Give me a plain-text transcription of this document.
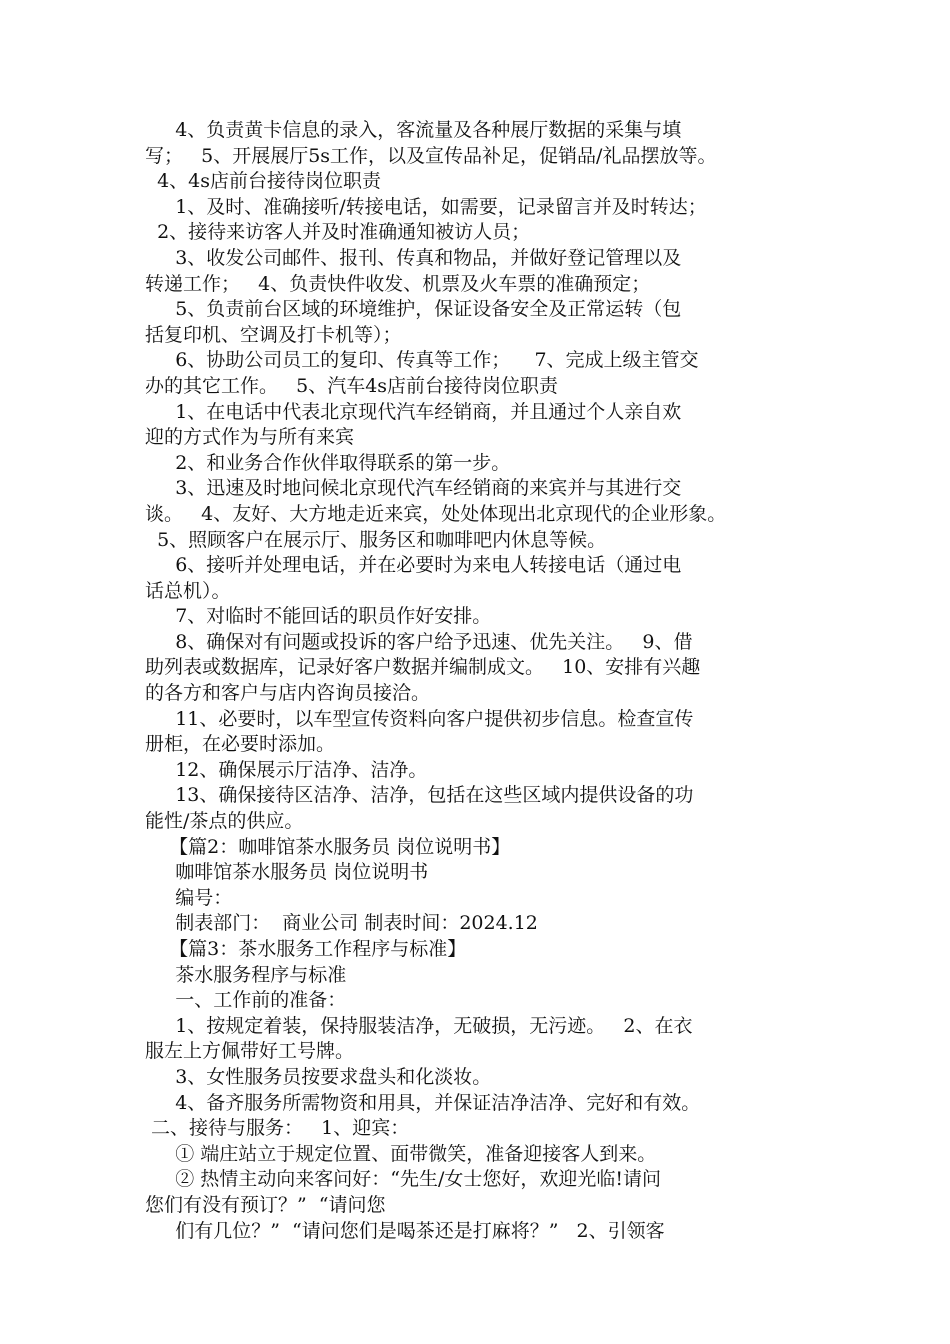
4、负责黄卡信息的录入，客流量及各种展厅数据的采集与填

写；   5、开展展厅5s工作，以及宣传品补足，促销品/礼品摆放等。

4、4s店前台接待岗位职责

1、及时、准确接听/转接电话，如需要，记录留言并及时转达；

2、接待来访客人并及时准确通知被访人员；

3、收发公司邮件、报刊、传真和物品，并做好登记管理以及

转递工作；   4、负责快件收发、机票及火车票的准确预定；

5、负责前台区域的环境维护，保证设备安全及正常运转（包

括复印机、空调及打卡机等）；

6、协助公司员工的复印、传真等工作；    7、完成上级主管交

办的其它工作。   5、汽车4s店前台接待岗位职责

1、在电话中代表北京现代汽车经销商，并且通过个人亲自欢

迎的方式作为与所有来宾

2、和业务合作伙伴取得联系的第一步。

3、迅速及时地问候北京现代汽车经销商的来宾并与其进行交

谈。   4、友好、大方地走近来宾，处处体现出北京现代的企业形象。

5、照顾客户在展示厅、服务区和咖啡吧内休息等候。

6、接听并处理电话，并在必要时为来电人转接电话（通过电

话总机）。

7、对临时不能回话的职员作好安排。

8、确保对有问题或投诉的客户给予迅速、优先关注。   9、借

助列表或数据库，记录好客户数据并编制成文。   10、安排有兴趣

的各方和客户与店内咨询员接洽。

11、必要时，以车型宣传资料向客户提供初步信息。检查宣传

册柜，在必要时添加。

12、确保展示厅洁净、洁净。

13、确保接待区洁净、洁净，包括在这些区域内提供设备的功

能性/茶点的供应。

【篇2：咖啡馆茶水服务员 岗位说明书】

咖啡馆茶水服务员 岗位说明书

编号：

制表部门：  商业公司 制表时间：2024.12

【篇3：茶水服务工作程序与标准】

茶水服务程序与标准

一、工作前的准备：

1、按规定着装，保持服装洁净，无破损，无污迹。   2、在衣

服左上方佩带好工号牌。

3、女性服务员按要求盘头和化淡妆。

4、备齐服务所需物资和用具，并保证洁净洁净、完好和有效。

二、接待与服务：   1、迎宾：

① 端庄站立于规定位置、面带微笑，准备迎接客人到来。

② 热情主动向来客问好：“先生/女士您好，欢迎光临!请问

您们有没有预订？”  “请问您

们有几位？”  “请问您们是喝茶还是打麻将？”   2、引领客
